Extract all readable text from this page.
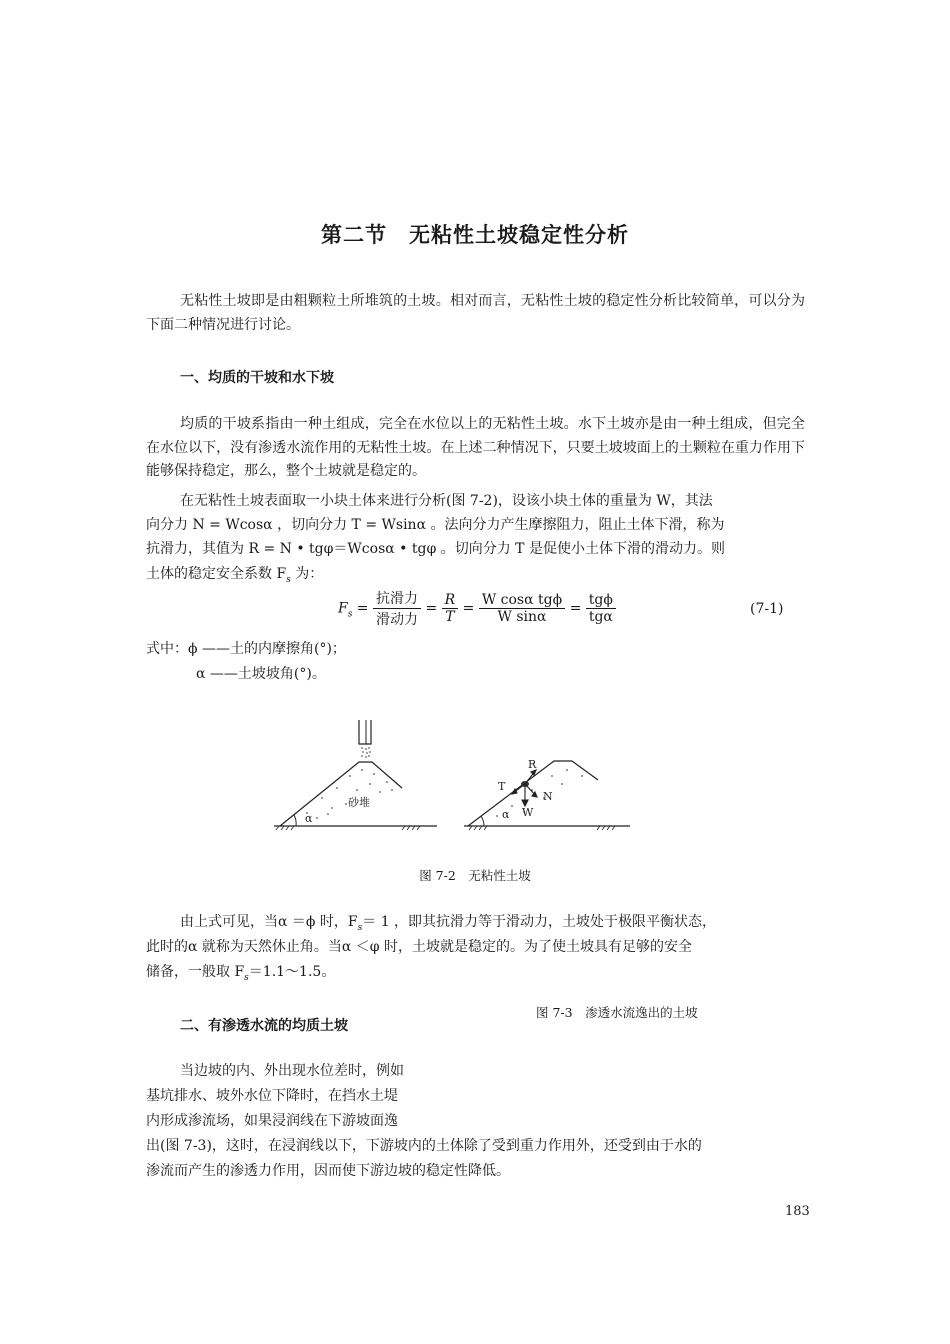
第二节　无粘性土坡稳定性分析
无粘性土坡即是由粗颗粒土所堆筑的土坡。相对而言，无粘性土坡的稳定性分析比较简单，可以分为下面二种情况进行讨论。
一、均质的干坡和水下坡
均质的干坡系指由一种土组成，完全在水位以上的无粘性土坡。水下土坡亦是由一种土组成，但完全在水位以下，没有渗透水流作用的无粘性土坡。在上述二种情况下，只要土坡坡面上的土颗粒在重力作用下能够保持稳定，那么，整个土坡就是稳定的。
在无粘性土坡表面取一小块土体来进行分析(图 7-2)，设该小块土体的重量为 W，其法
向分力 N = Wcosα ，切向分力 T = Wsinα 。法向分力产生摩擦阻力，阻止土体下滑，称为
抗滑力，其值为 R = N • tgφ＝Wcosα • tgφ 。切向分力 T 是促使小土体下滑的滑动力。则
土体的稳定安全系数 $F_s$ 为：
$F_s = \frac{\text{抗滑力}}{\text{滑动力}} = \frac{R}{T} = \frac{\text{W cosα tgϕ}}{\text{W sinα}} = \frac{\text{tgϕ}}{\text{tgα}}$	(7-1)
式中：ϕ ——土的内摩擦角(°)；
α ——土坡坡角(°)。
砂堆
α
R
T
N
W
α
图 7-2　无粘性土坡
由上式可见，当α ＝ϕ 时，$F_s= 1$ ，即其抗滑力等于滑动力，土坡处于极限平衡状态，
此时的α 就称为天然休止角。当α ＜φ 时，土坡就是稳定的。为了使土坡具有足够的安全
储备，一般取 $F_s=1.1\sim 1.5$。
图 7-3　渗透水流逸出的土坡
二、有渗透水流的均质土坡
当边坡的内、外出现水位差时，例如
基坑排水、坡外水位下降时，在挡水土堤
内形成渗流场，如果浸润线在下游坡面逸
出(图 7-3)，这时，在浸润线以下，下游坡内的土体除了受到重力作用外，还受到由于水的
渗流而产生的渗透力作用，因而使下游边坡的稳定性降低。
183
